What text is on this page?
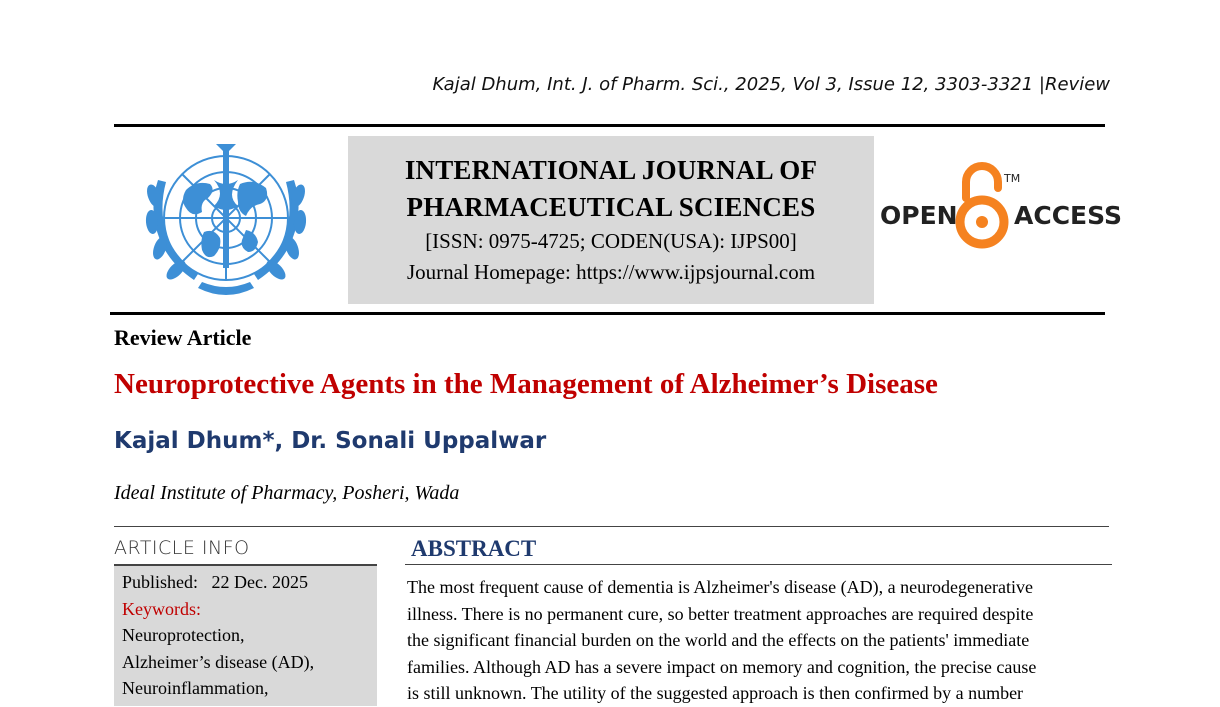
Kajal Dhum, Int. J. of Pharm. Sci., 2025, Vol 3, Issue 12, 3303-3321 |Review
INTERNATIONAL JOURNAL OF
PHARMACEUTICAL SCIENCES
[ISSN: 0975-4725; CODEN(USA): IJPS00]
Journal Homepage: https://www.ijpsjournal.com
OPEN ACCESS
TM
Review Article
Neuroprotective Agents in the Management of Alzheimer’s Disease
Kajal Dhum*, Dr. Sonali Uppalwar
Ideal Institute of Pharmacy, Posheri, Wada
ARTICLE INFO
Published:   22 Dec. 2025
Keywords:
Neuroprotection,
Alzheimer’s disease (AD),
Neuroinflammation,
ABSTRACT
The most frequent cause of dementia is Alzheimer's disease (AD), a neurodegenerative
illness. There is no permanent cure, so better treatment approaches are required despite
the significant financial burden on the world and the effects on the patients' immediate
families. Although AD has a severe impact on memory and cognition, the precise cause
is still unknown. The utility of the suggested approach is then confirmed by a number
